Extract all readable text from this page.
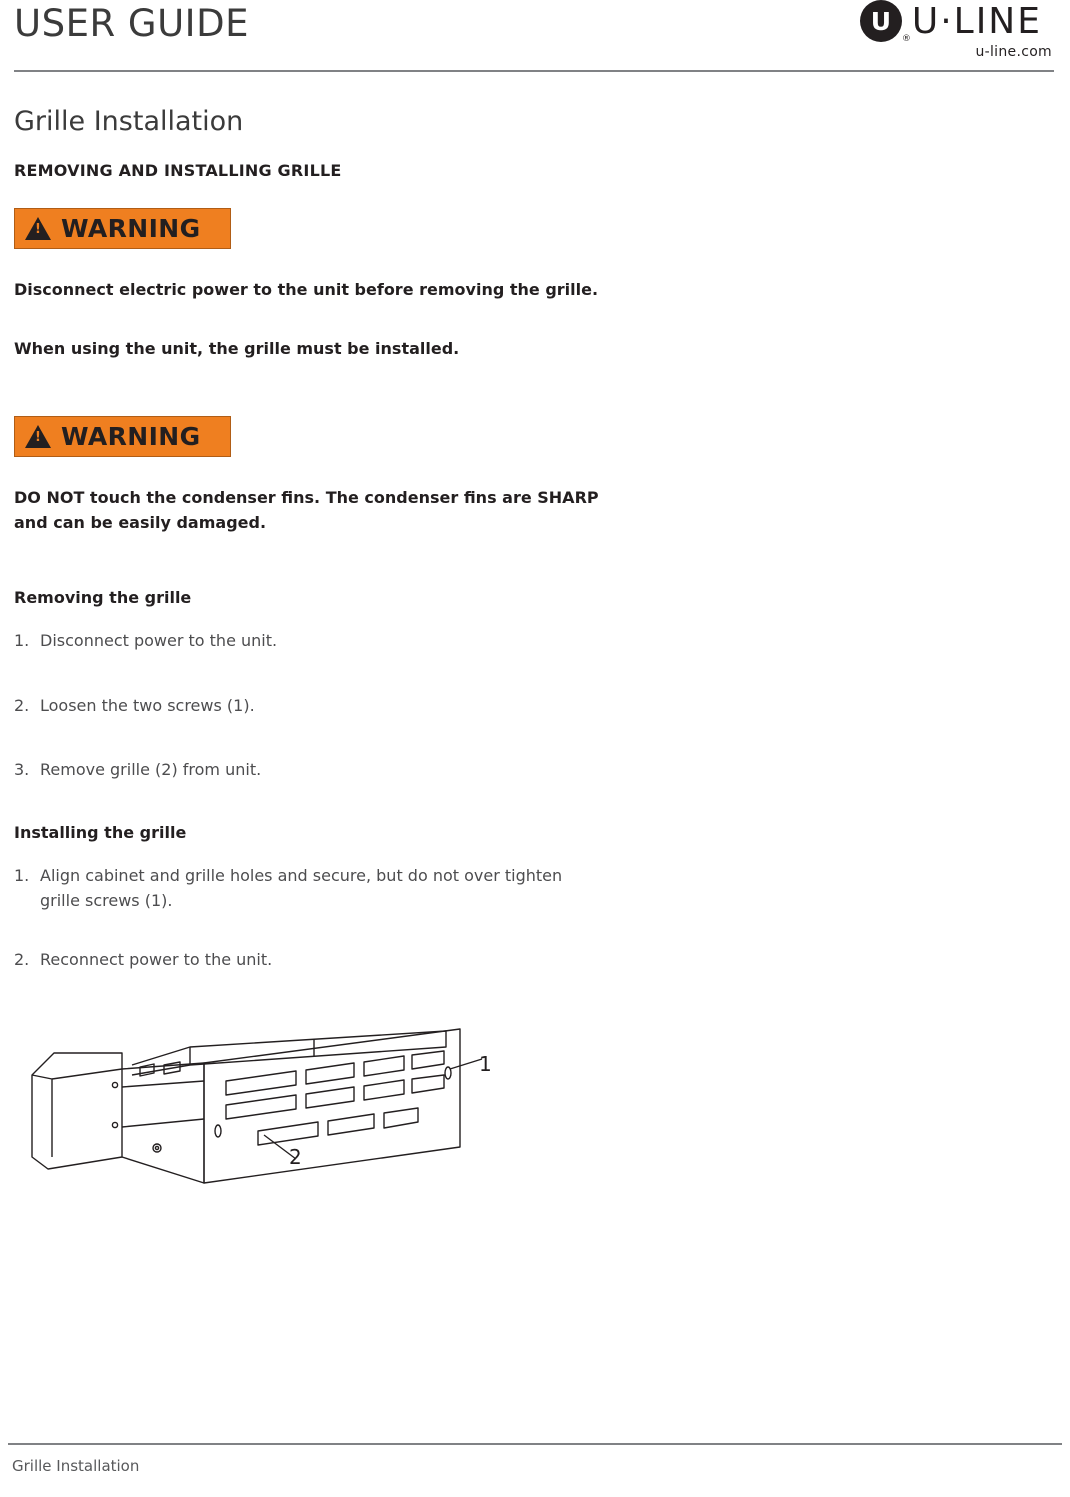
USER GUIDE	U U·LINE
®
u-line.com
Grille Installation
REMOVING AND INSTALLING GRILLE
!
WARNING

Disconnect electric power to the unit before removing the grille.

When using the unit, the grille must be installed.

!
WARNING

DO NOT touch the condenser fins. The condenser fins are SHARP and can be easily damaged.

Removing the grille
1. Disconnect power to the unit.
2. Loosen the two screws (1).
3. Remove grille (2) from unit.
Installing the grille
1. Align cabinet and grille holes and secure, but do not over tighten grille screws (1).
2. Reconnect power to the unit.
1
2
Grille Installation
